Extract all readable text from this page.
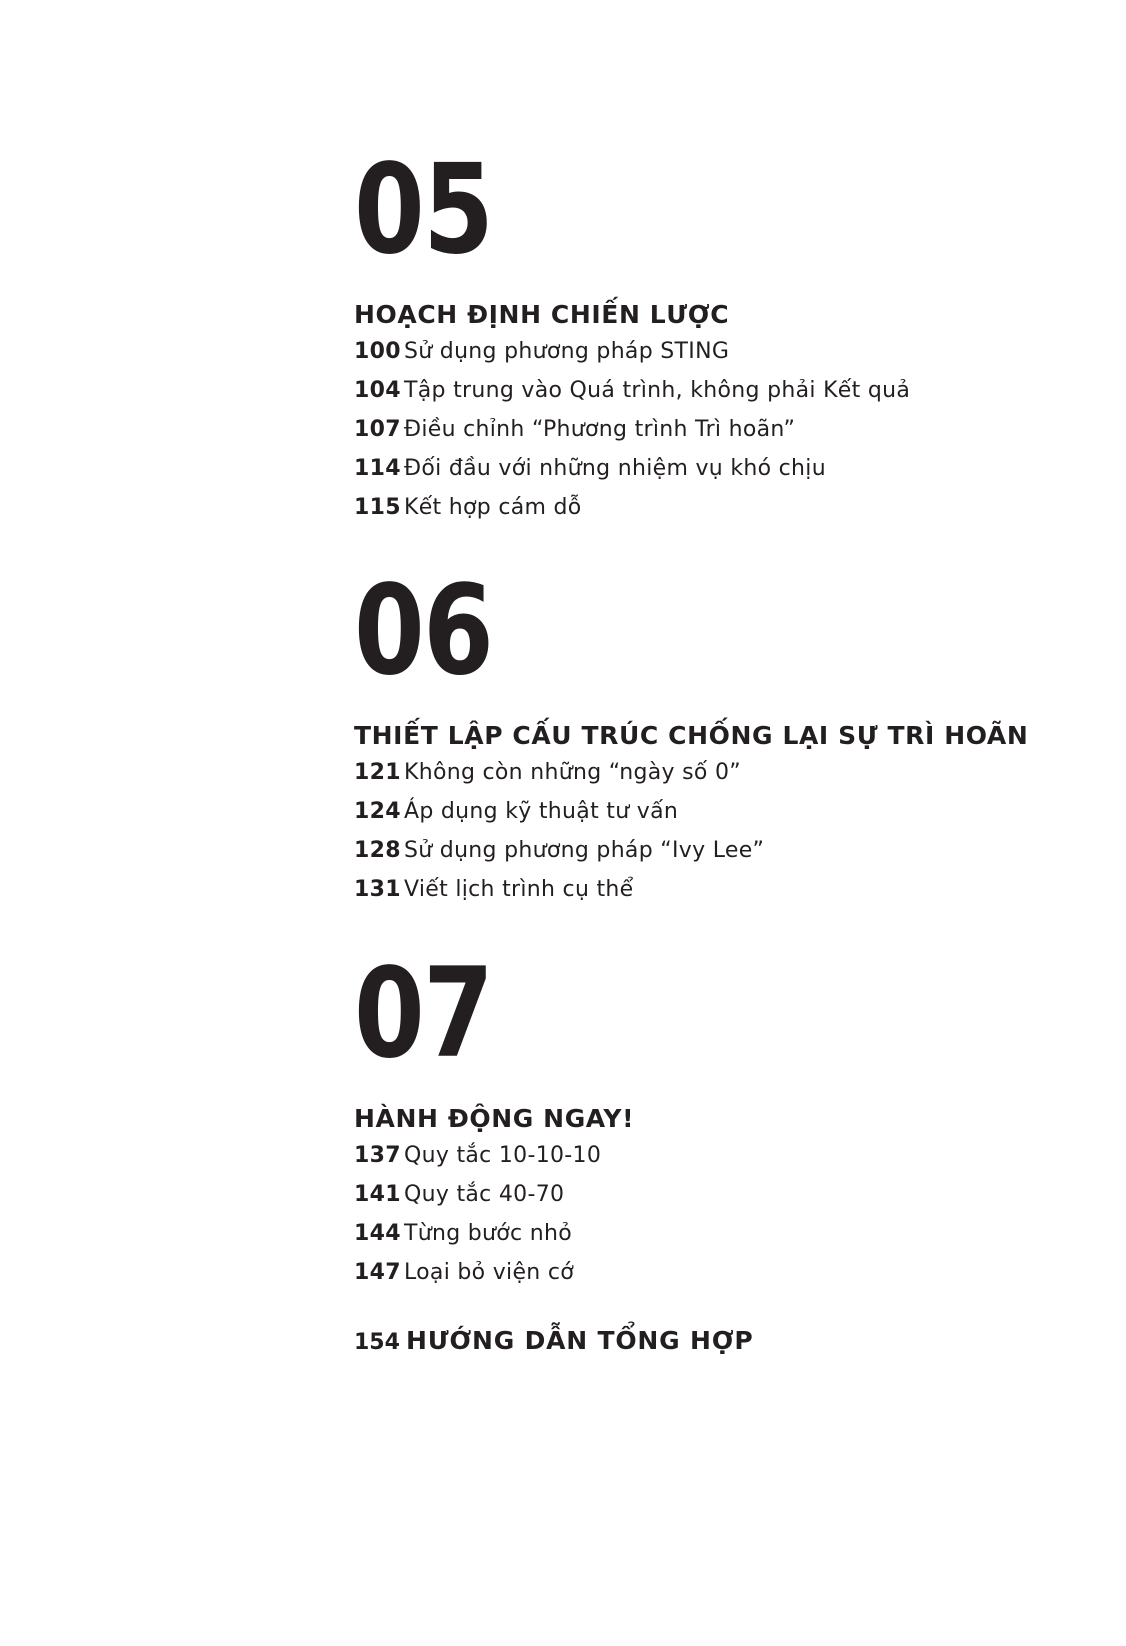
05
HOẠCH ĐỊNH CHIẾN LƯỢC
100 Sử dụng phương pháp STING
104 Tập trung vào Quá trình, không phải Kết quả
107 Điều chỉnh “Phương trình Trì hoãn”
114 Đối đầu với những nhiệm vụ khó chịu
115 Kết hợp cám dỗ
06
THIẾT LẬP CẤU TRÚC CHỐNG LẠI SỰ TRÌ HOÃN
121 Không còn những “ngày số 0”
124 Áp dụng kỹ thuật tư vấn
128 Sử dụng phương pháp “Ivy Lee”
131 Viết lịch trình cụ thể
07
HÀNH ĐỘNG NGAY!
137 Quy tắc 10-10-10
141 Quy tắc 40-70
144 Từng bước nhỏ
147 Loại bỏ viện cớ
154 HƯỚNG DẪN TỔNG HỢP
